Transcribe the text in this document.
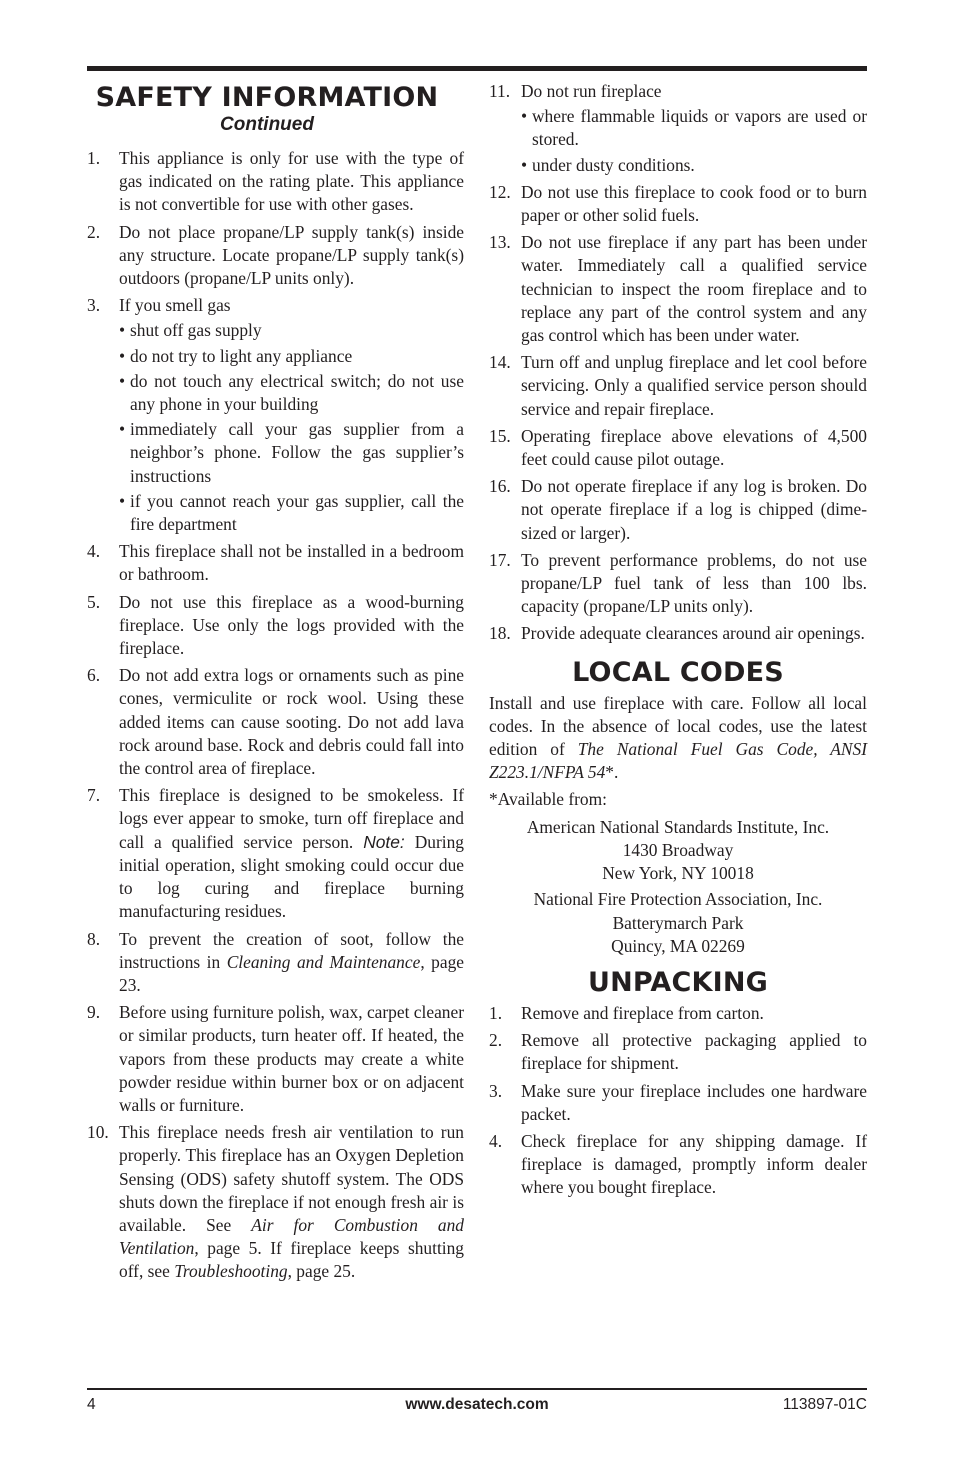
SAFETY INFORMATION
Continued
1. This appliance is only for use with the type of gas indicated on the rating plate. This appliance is not convertible for use with other gases.
2. Do not place propane/LP supply tank(s) inside any structure. Locate propane/LP supply tank(s) outdoors (propane/LP units only).
3. If you smell gas
• shut off gas supply
• do not try to light any appliance
• do not touch any electrical switch; do not use any phone in your building
• immediately call your gas supplier from a neighbor’s phone. Follow the gas supplier’s instructions
• if you cannot reach your gas supplier, call the fire department
4. This fireplace shall not be installed in a bedroom or bathroom.
5. Do not use this fireplace as a wood-burning fireplace. Use only the logs provided with the fireplace.
6. Do not add extra logs or ornaments such as pine cones, vermiculite or rock wool. Using these added items can cause sooting. Do not add lava rock around base. Rock and debris could fall into the control area of fireplace.
7. This fireplace is designed to be smokeless. If logs ever appear to smoke, turn off fireplace and call a qualified service person. Note: During initial operation, slight smoking could occur due to log curing and fireplace burning manufacturing residues.
8. To prevent the creation of soot, follow the instructions in Cleaning and Maintenance, page 23.
9. Before using furniture polish, wax, carpet cleaner or similar products, turn heater off. If heated, the vapors from these products may create a white powder residue within burner box or on adjacent walls or furniture.
10. This fireplace needs fresh air ventilation to run properly. This fireplace has an Oxygen Depletion Sensing (ODS) safety shutoff system. The ODS shuts down the fireplace if not enough fresh air is available. See Air for Combustion and Ventilation, page 5. If fireplace keeps shutting off, see Troubleshooting, page 25.
11. Do not run fireplace
• where flammable liquids or vapors are used or stored.
• under dusty conditions.
12. Do not use this fireplace to cook food or to burn paper or other solid fuels.
13. Do not use fireplace if any part has been under water. Immediately call a qualified service technician to inspect the room fireplace and to replace any part of the control system and any gas control which has been under water.
14. Turn off and unplug fireplace and let cool before servicing. Only a qualified service person should service and repair fireplace.
15. Operating fireplace above elevations of 4,500 feet could cause pilot outage.
16. Do not operate fireplace if any log is broken. Do not operate fireplace if a log is chipped (dime-sized or larger).
17. To prevent performance problems, do not use propane/LP fuel tank of less than 100 lbs. capacity (propane/LP units only).
18. Provide adequate clearances around air openings.
LOCAL CODES

Install and use fireplace with care. Follow all local codes. In the absence of local codes, use the latest edition of The National Fuel Gas Code, ANSI Z223.1/NFPA 54*.

*Available from:

American National Standards Institute, Inc.
1430 Broadway
New York, NY 10018
National Fire Protection Association, Inc.
Batterymarch Park
Quincy, MA 02269
UNPACKING
1. Remove and fireplace from carton.
2. Remove all protective packaging applied to fireplace for shipment.
3. Make sure your fireplace includes one hardware packet.
4. Check fireplace for any shipping damage. If fireplace is damaged, promptly inform dealer where you bought fireplace.
www.desatech.com
4	113897-01C
